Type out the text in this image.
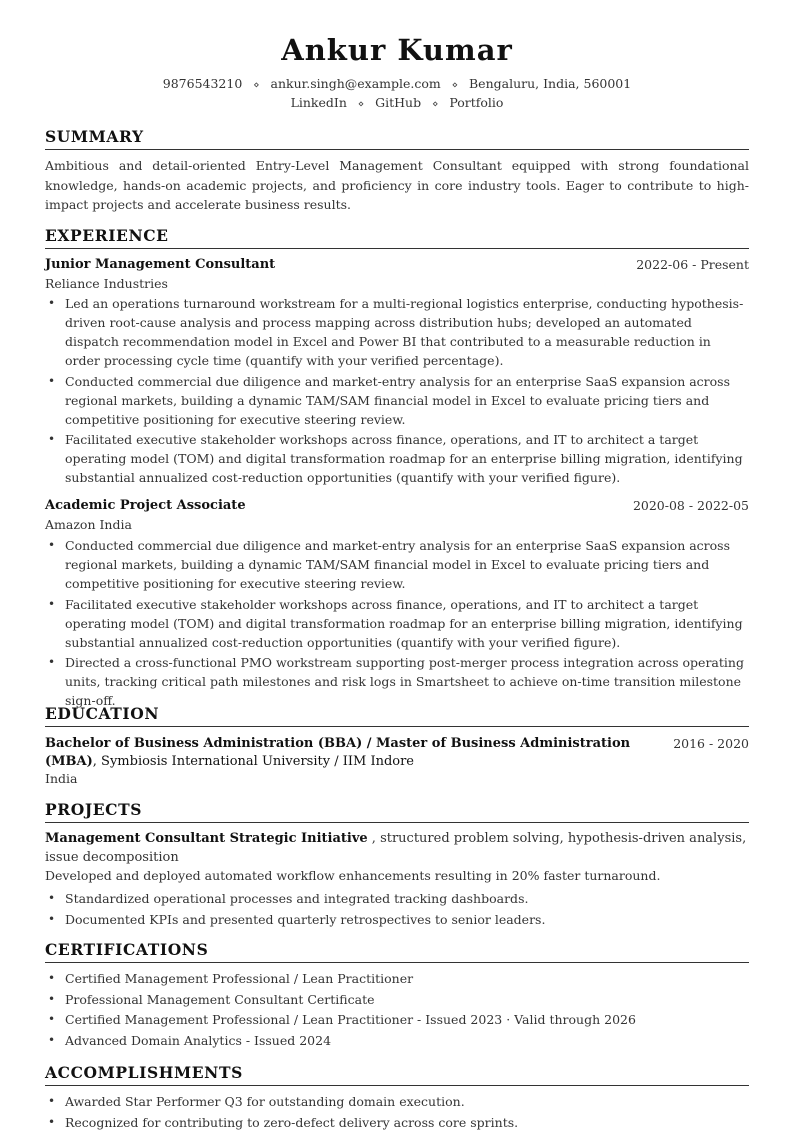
Ankur Kumar
9876543210 ⋄ ankur.singh@example.com ⋄ Bengaluru, India, 560001
LinkedIn ⋄ GitHub ⋄ Portfolio
SUMMARY
Ambitious and detail-oriented Entry-Level Management Consultant equipped with strong foundational knowledge, hands-on academic projects, and proficiency in core industry tools. Eager to contribute to high-impact projects and accelerate business results.
EXPERIENCE
Junior Management Consultant	2022-06 - Present
Reliance Industries
• Led an operations turnaround workstream for a multi-regional logistics enterprise, conducting hypothesis-driven root-cause analysis and process mapping across distribution hubs; developed an automated dispatch recommendation model in Excel and Power BI that contributed to a measurable reduction in order processing cycle time (quantify with your verified percentage).
• Conducted commercial due diligence and market-entry analysis for an enterprise SaaS expansion across regional markets, building a dynamic TAM/SAM financial model in Excel to evaluate pricing tiers and competitive positioning for executive steering review.
• Facilitated executive stakeholder workshops across finance, operations, and IT to architect a target operating model (TOM) and digital transformation roadmap for an enterprise billing migration, identifying substantial annualized cost-reduction opportunities (quantify with your verified figure).
Academic Project Associate	2020-08 - 2022-05
Amazon India
• Conducted commercial due diligence and market-entry analysis for an enterprise SaaS expansion across regional markets, building a dynamic TAM/SAM financial model in Excel to evaluate pricing tiers and competitive positioning for executive steering review.
• Facilitated executive stakeholder workshops across finance, operations, and IT to architect a target operating model (TOM) and digital transformation roadmap for an enterprise billing migration, identifying substantial annualized cost-reduction opportunities (quantify with your verified figure).
• Directed a cross-functional PMO workstream supporting post-merger process integration across operating units, tracking critical path milestones and risk logs in Smartsheet to achieve on-time transition milestone sign-off.
EDUCATION
Bachelor of Business Administration (BBA) / Master of Business Administration (MBA), Symbiosis International University / IIM Indore
2016 - 2020
India
PROJECTS
Management Consultant Strategic Initiative , structured problem solving, hypothesis-driven analysis, issue decomposition
Developed and deployed automated workflow enhancements resulting in 20% faster turnaround.
• Standardized operational processes and integrated tracking dashboards.
• Documented KPIs and presented quarterly retrospectives to senior leaders.
CERTIFICATIONS
• Certified Management Professional / Lean Practitioner
• Professional Management Consultant Certificate
• Certified Management Professional / Lean Practitioner - Issued 2023 · Valid through 2026
• Advanced Domain Analytics - Issued 2024
ACCOMPLISHMENTS
• Awarded Star Performer Q3 for outstanding domain execution.
• Recognized for contributing to zero-defect delivery across core sprints.
